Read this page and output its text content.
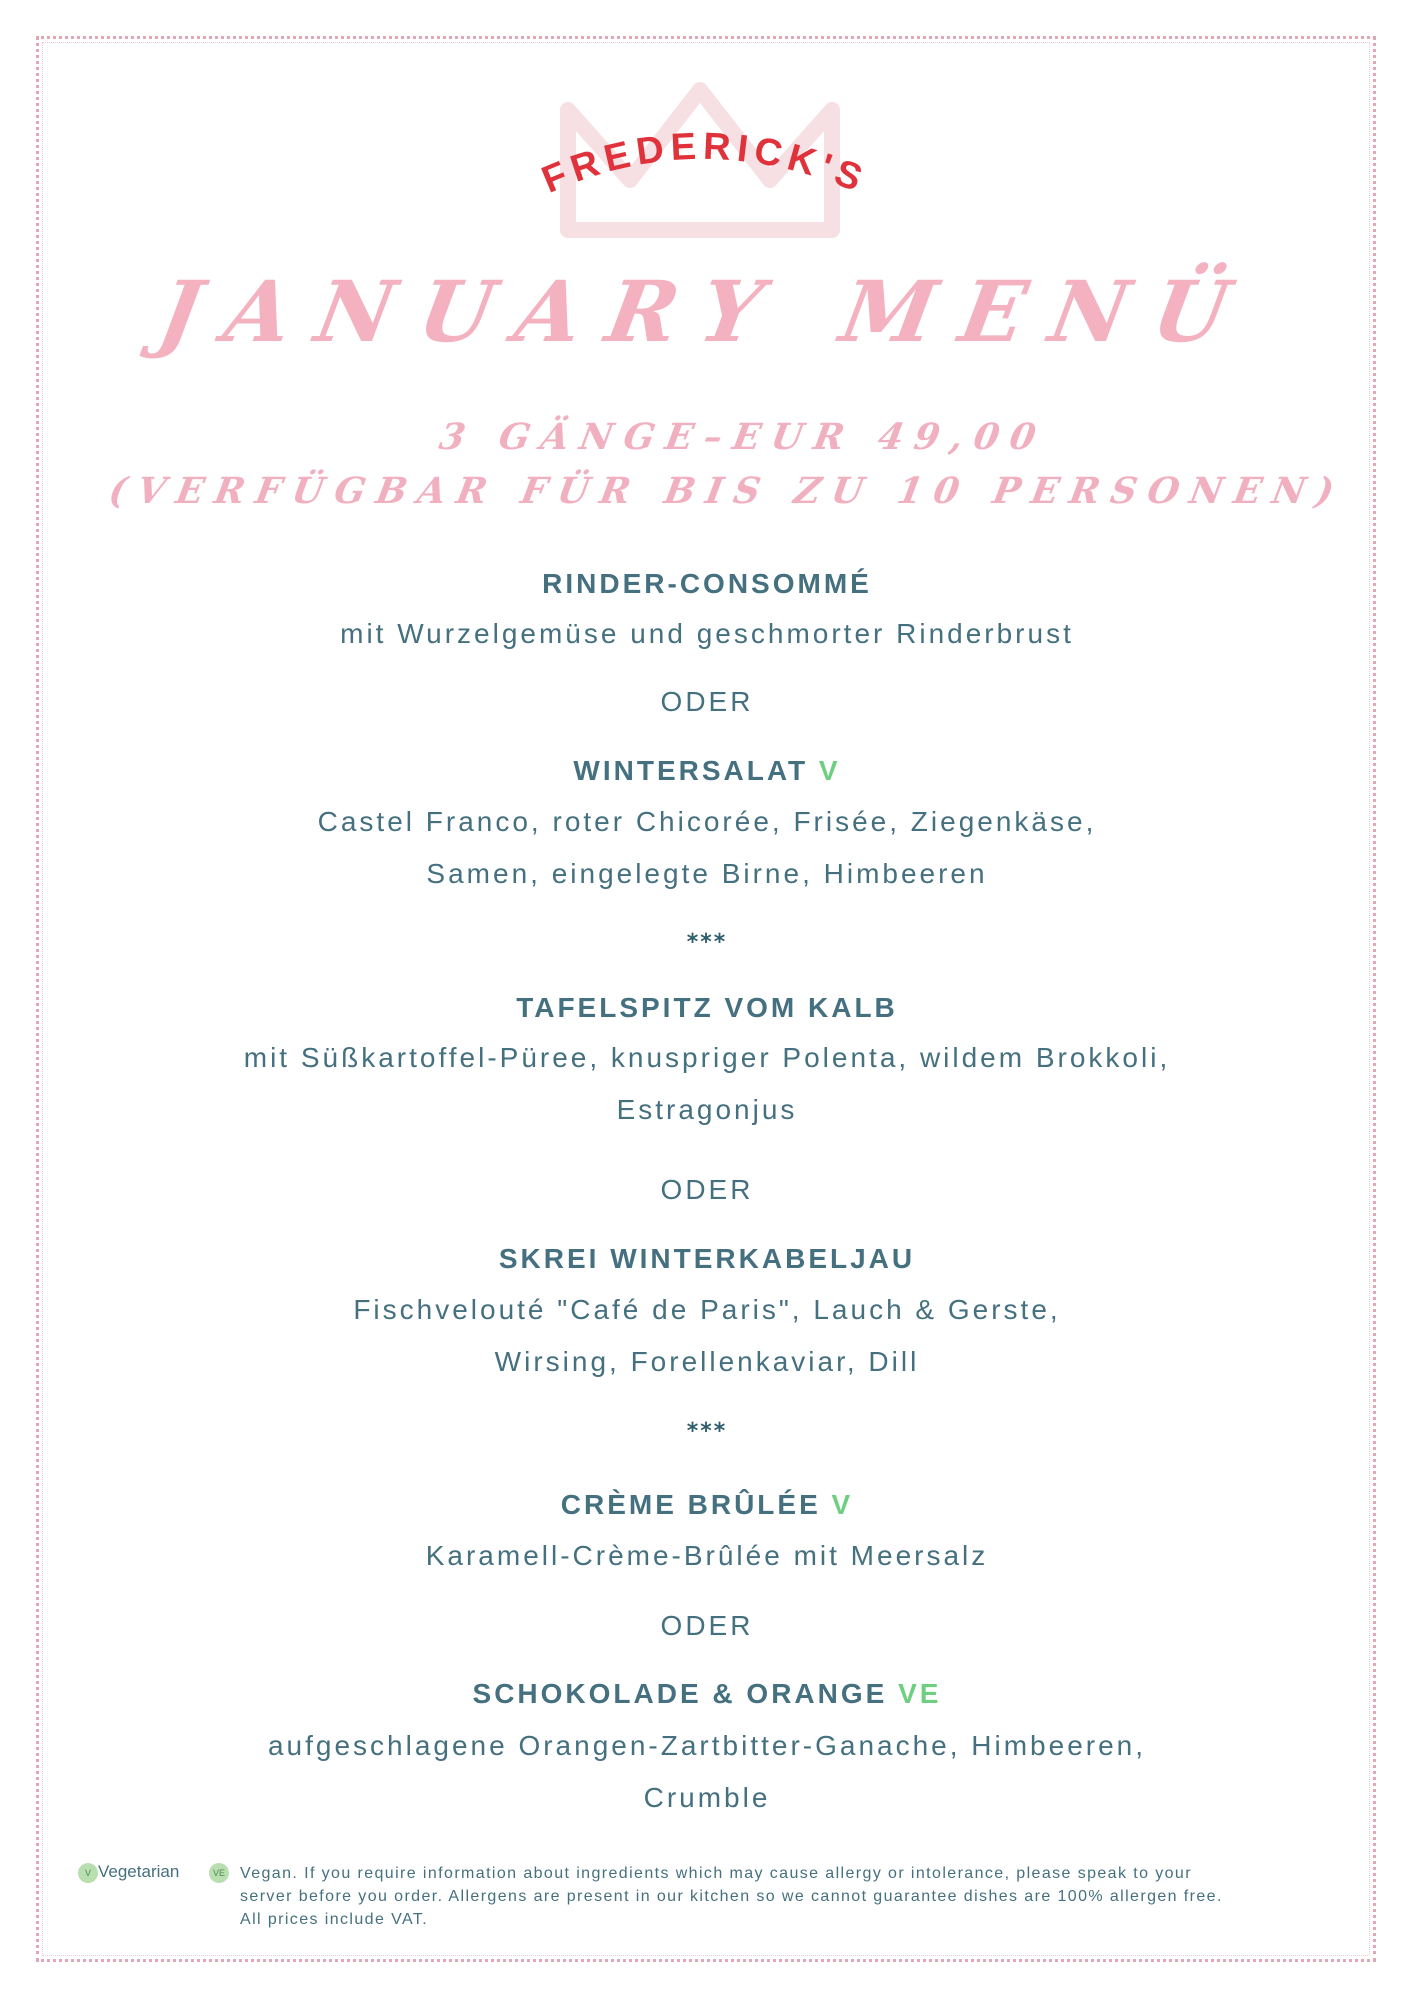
FREDERICK'S
JANUARY MENÜ
3 GÄNGE–EUR 49,00
(VERFÜGBAR FÜR BIS ZU 10 PERSONEN)
RINDER-CONSOMMÉ
mit Wurzelgemüse und geschmorter Rinderbrust
ODER
WINTERSALAT V
Castel Franco, roter Chicorée, Frisée, Ziegenkäse,
Samen, eingelegte Birne, Himbeeren
***
TAFELSPITZ VOM KALB
mit Süßkartoffel-Püree, knuspriger Polenta, wildem Brokkoli,
Estragonjus
ODER
SKREI WINTERKABELJAU
Fischvelouté "Café de Paris", Lauch & Gerste,
Wirsing, Forellenkaviar, Dill
***
CRÈME BRÛLÉE V
Karamell-Crème-Brûlée mit Meersalz
ODER
SCHOKOLADE & ORANGE VE
aufgeschlagene Orangen-Zartbitter-Ganache, Himbeeren,
Crumble
V Vegetarian	VE Vegan. If you require information about ingredients which may cause allergy or intolerance, please speak to your
server before you order. Allergens are present in our kitchen so we cannot guarantee dishes are 100% allergen free.
All prices include VAT.
